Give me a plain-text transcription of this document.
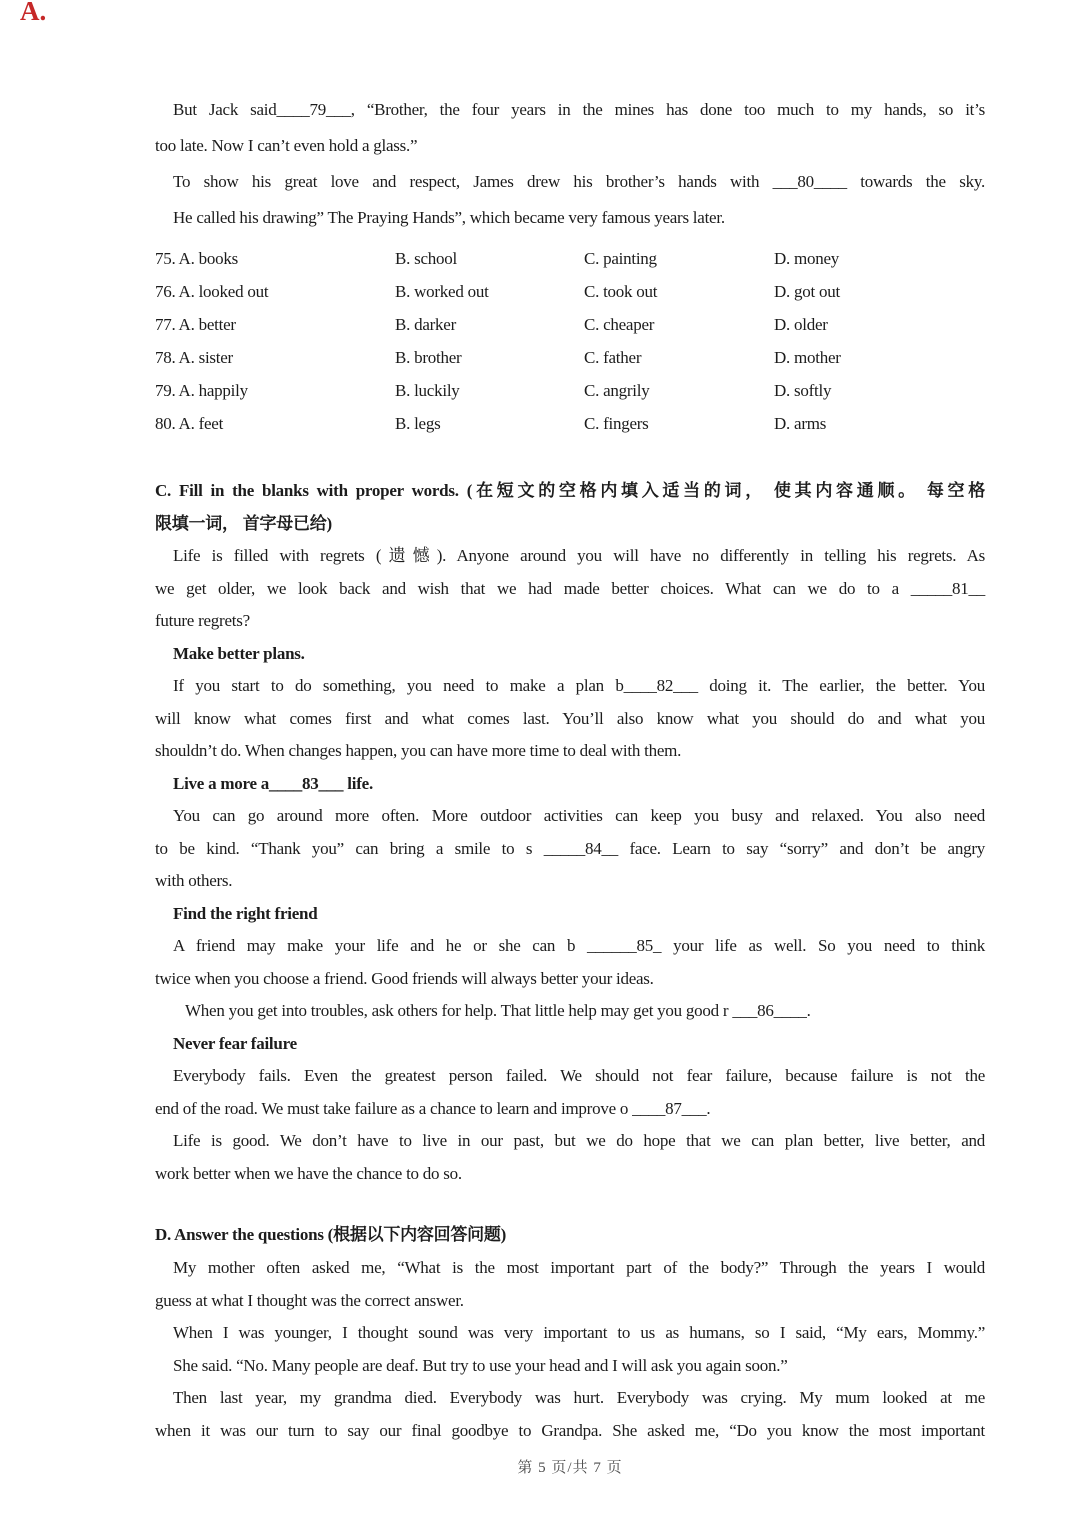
A.
But Jack said____79___, “Brother, the four years in the mines has done too much to my hands, so it’s
too late. Now I can’t even hold a glass.”
To show his great love and respect, James drew his brother’s hands with ___80____ towards the sky.
He called his drawing” The Praying Hands”, which became very famous years later.
75. A. books	B. school	C. painting	D. money
76. A. looked out	B. worked out	C. took out	D. got out
77. A. better	B. darker	C. cheaper	D. older
78. A. sister	B. brother	C. father	D. mother
79. A. happily	B. luckily	C. angrily	D. softly
80. A. feet	B. legs	C. fingers	D. arms
C. Fill in the blanks with proper words. (在短文的空格内填入适当的词， 使其内容通顺。 每空格
限填一词， 首字母已给)
Life is filled with regrets (遗憾). Anyone around you will have no differently in telling his regrets. As
we get older, we look back and wish that we had made better choices. What can we do to a _____81__
future regrets?
Make better plans.
If you start to do something, you need to make a plan b____82___ doing it. The earlier, the better. You
will know what comes first and what comes last. You’ll also know what you should do and what you
shouldn’t do. When changes happen, you can have more time to deal with them.
Live a more a____83___ life.
You can go around more often. More outdoor activities can keep you busy and relaxed. You also need
to be kind. “Thank you” can bring a smile to s _____84__ face. Learn to say “sorry” and don’t be angry
with others.
Find the right friend
A friend may make your life and he or she can b ______85_ your life as well. So you need to think
twice when you choose a friend. Good friends will always better your ideas.
When you get into troubles, ask others for help. That little help may get you good r ___86____.
Never fear failure
Everybody fails. Even the greatest person failed. We should not fear failure, because failure is not the
end of the road. We must take failure as a chance to learn and improve o ____87___.
Life is good. We don’t have to live in our past, but we do hope that we can plan better, live better, and
work better when we have the chance to do so.
D. Answer the questions (根据以下内容回答问题)
My mother often asked me, “What is the most important part of the body?” Through the years I would
guess at what I thought was the correct answer.
When I was younger, I thought sound was very important to us as humans, so I said, “My ears, Mommy.”
She said. “No. Many people are deaf. But try to use your head and I will ask you again soon.”
Then last year, my grandma died. Everybody was hurt. Everybody was crying. My mum looked at me
when it was our turn to say our final goodbye to Grandpa. She asked me, “Do you know the most important
第 5 页/共 7 页
